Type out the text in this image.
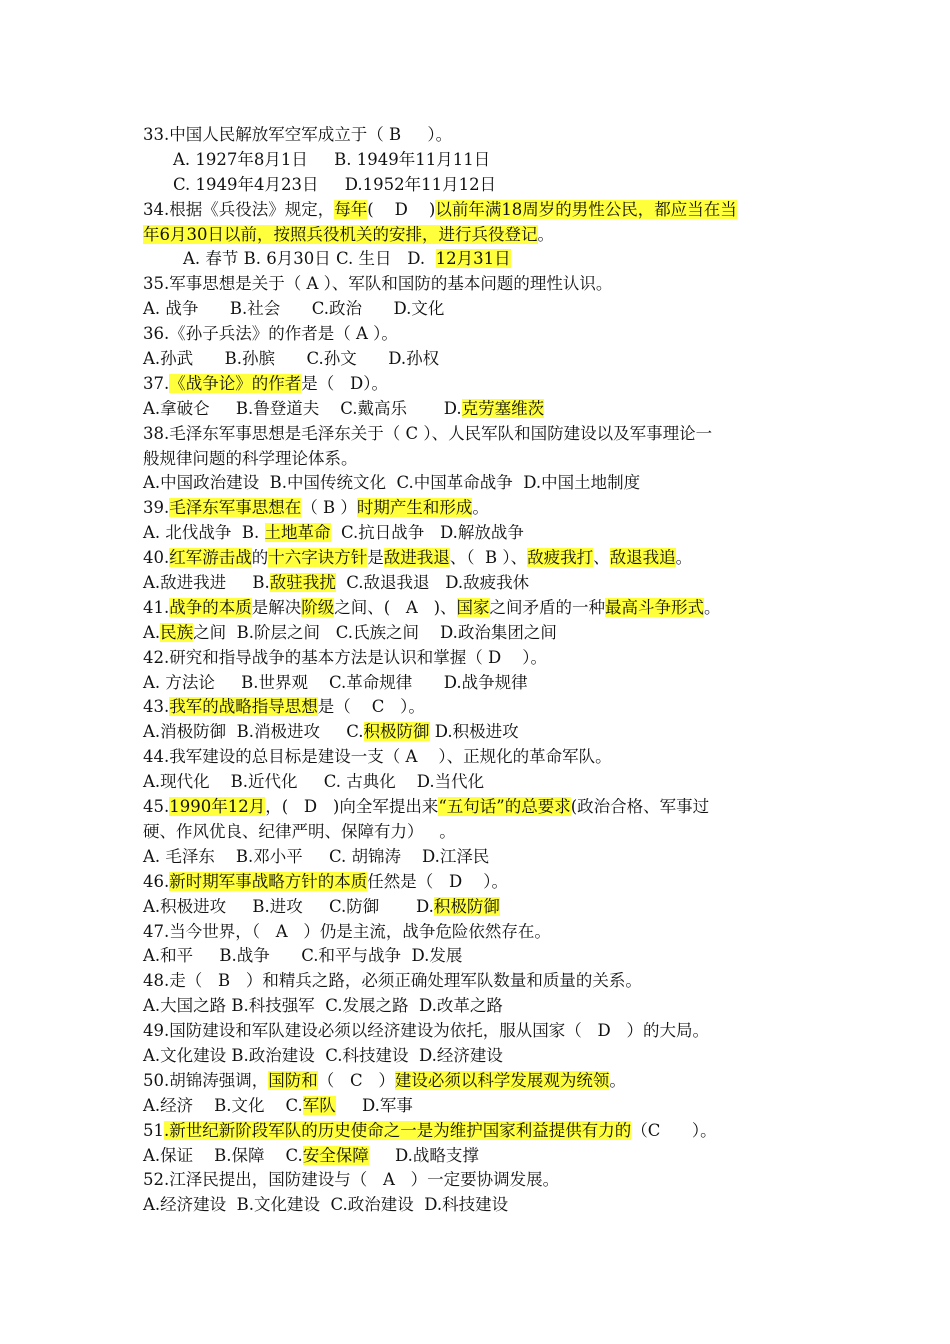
33.中国人民解放军空军成立于（ B     ）。
A. 1927年8月1日     B. 1949年11月11日
C. 1949年4月23日     D.1952年11月12日
34.根据《兵役法》规定，每年(    D    )以前年满18周岁的男性公民，都应当在当
年6月30日以前，按照兵役机关的安排，进行兵役登记。
A. 春节 B. 6月30日 C. 生日   D.  12月31日
35.军事思想是关于（ A ）、军队和国防的基本问题的理性认识。
A. 战争      B.社会      C.政治      D.文化
36.《孙子兵法》的作者是（ A ）。
A.孙武      B.孙膑      C.孙文      D.孙权
37.《战争论》的作者是（   D）。
A.拿破仑     B.鲁登道夫    C.戴高乐       D.克劳塞维茨
38.毛泽东军事思想是毛泽东关于（ C ）、人民军队和国防建设以及军事理论一
般规律问题的科学理论体系。
A.中国政治建设  B.中国传统文化  C.中国革命战争  D.中国土地制度
39.毛泽东军事思想在（ B ）时期产生和形成。
A. 北伐战争  B. 土地革命  C.抗日战争   D.解放战争
40.红军游击战的十六字诀方针是敌进我退、（  B ）、敌疲我打、敌退我追。
A.敌进我进     B.敌驻我扰  C.敌退我退   D.敌疲我休
41.战争的本质是解决阶级之间、(   A   )、国家之间矛盾的一种最高斗争形式。
A.民族之间  B.阶层之间   C.氏族之间    D.政治集团之间
42.研究和指导战争的基本方法是认识和掌握（ D    ）。
A. 方法论     B.世界观    C.革命规律      D.战争规律
43.我军的战略指导思想是（    C   ）。
A.消极防御  B.消极进攻     C.积极防御 D.积极进攻
44.我军建设的总目标是建设一支（ A    ）、正规化的革命军队。
A.现代化    B.近代化     C. 古典化    D.当代化
45.1990年12月，(   D   )向全军提出来“五句话”的总要求(政治合格、军事过
硬、作风优良、纪律严明、保障有力）   。
A. 毛泽东    B.邓小平     C. 胡锦涛    D.江泽民
46.新时期军事战略方针的本质任然是（   D    ）。
A.积极进攻     B.进攻     C.防御       D.积极防御
47.当今世界，（   A   ）仍是主流，战争危险依然存在。
A.和平     B.战争      C.和平与战争  D.发展
48.走（   B   ）和精兵之路，必须正确处理军队数量和质量的关系。
A.大国之路 B.科技强军  C.发展之路  D.改革之路
49.国防建设和军队建设必须以经济建设为依托，服从国家（   D   ）的大局。
A.文化建设 B.政治建设  C.科技建设  D.经济建设
50.胡锦涛强调，国防和（   C   ）建设必须以科学发展观为统领。
A.经济    B.文化    C.军队     D.军事
51.新世纪新阶段军队的历史使命之一是为维护国家利益提供有力的（C      ）。
A.保证    B.保障    C.安全保障     D.战略支撑
52.江泽民提出，国防建设与（   A   ）一定要协调发展。
A.经济建设  B.文化建设  C.政治建设  D.科技建设
